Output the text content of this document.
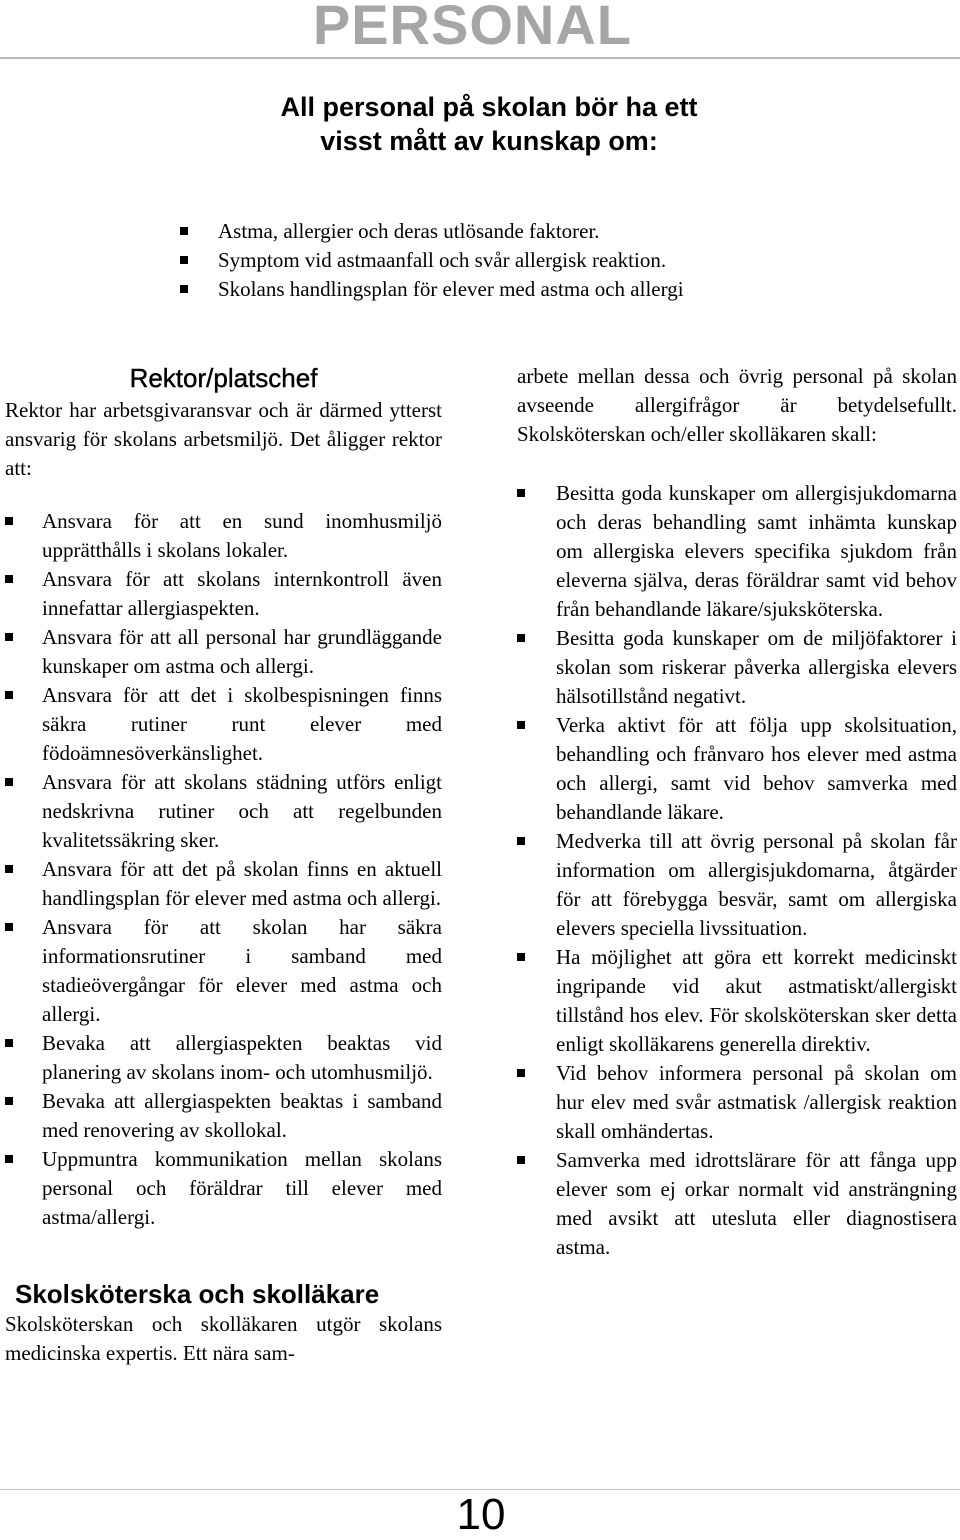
PERSONAL
All personal på skolan bör ha ett
visst mått av kunskap om:
Astma, allergier och deras utlösande faktorer.
Symptom vid astmaanfall och svår allergisk reaktion.
Skolans handlingsplan för elever med astma och allergi
Rektor/platschef

Rektor har arbetsgivaransvar och är därmed ytterst ansvarig för skolans arbetsmiljö. Det åligger rektor att:

Ansvara för att en sund inomhusmiljö upprätthålls i skolans lokaler.
Ansvara för att skolans internkontroll även innefattar allergiaspekten.
Ansvara för att all personal har grundläggande kunskaper om astma och allergi.
Ansvara för att det i skolbespisningen finns säkra rutiner runt elever med födoämnesöverkänslighet.
Ansvara för att skolans städning utförs enligt nedskrivna rutiner och att regelbunden kvalitetssäkring sker.
Ansvara för att det på skolan finns en aktuell handlingsplan för elever med astma och allergi.
Ansvara för att skolan har säkra informationsrutiner i samband med stadieövergångar för elever med astma och allergi.
Bevaka att allergiaspekten beaktas vid planering av skolans inom- och utomhusmiljö.
Bevaka att allergiaspekten beaktas i samband med renovering av skollokal.
Uppmuntra kommunikation mellan skolans personal och föräldrar till elever med astma/allergi.
Skolsköterska och skolläkare

Skolsköterskan och skolläkaren utgör skolans medicinska expertis. Ett nära sam-

arbete mellan dessa och övrig personal på skolan avseende allergifrågor är betydelsefullt. Skolsköterskan och/eller skolläkaren skall:

Besitta goda kunskaper om allergisjukdomarna och deras behandling samt inhämta kunskap om allergiska elevers specifika sjukdom från eleverna själva, deras föräldrar samt vid behov från behandlande läkare/sjuksköterska.
Besitta goda kunskaper om de miljöfaktorer i skolan som riskerar påverka allergiska elevers hälsotillstånd negativt.
Verka aktivt för att följa upp skolsituation, behandling och frånvaro hos elever med astma och allergi, samt vid behov samverka med behandlande läkare.
Medverka till att övrig personal på skolan får information om allergisjukdomarna, åtgärder för att förebygga besvär, samt om allergiska elevers speciella livssituation.
Ha möjlighet att göra ett korrekt medicinskt ingripande vid akut astmatiskt/allergiskt tillstånd hos elev. För skolsköterskan sker detta enligt skolläkarens generella direktiv.
Vid behov informera personal på skolan om hur elev med svår astmatisk /allergisk reaktion skall omhändertas.
Samverka med idrottslärare för att fånga upp elever som ej orkar normalt vid ansträngning med avsikt att utesluta eller diagnostisera astma.
10
